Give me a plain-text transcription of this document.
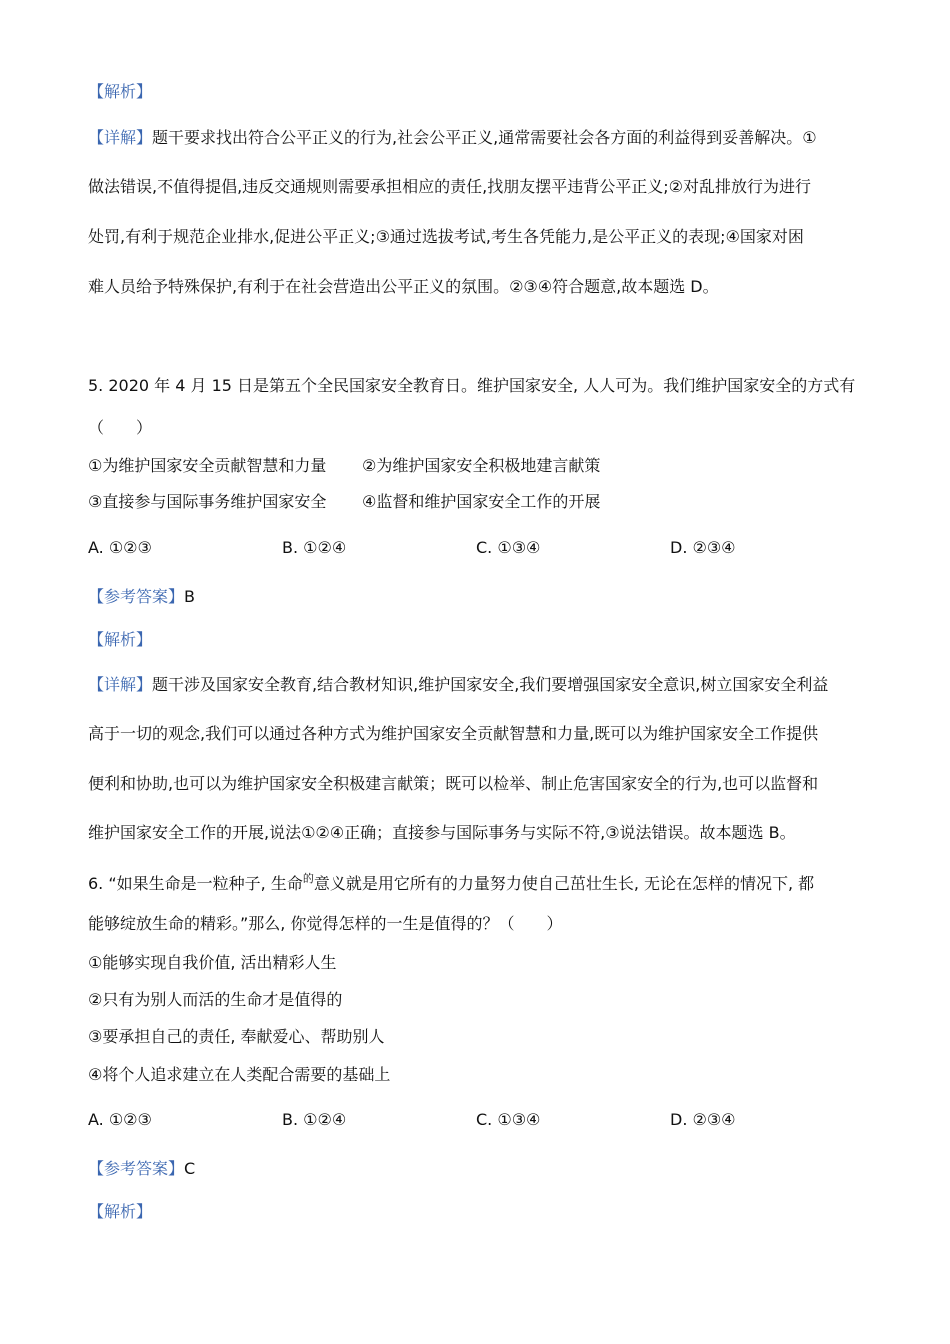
【解析】
【详解】题干要求找出符合公平正义的行为,社会公平正义,通常需要社会各方面的利益得到妥善解决。①
做法错误,不值得提倡,违反交通规则需要承担相应的责任,找朋友摆平违背公平正义;②对乱排放行为进行
处罚,有利于规范企业排水,促进公平正义;③通过选拔考试,考生各凭能力,是公平正义的表现;④国家对困
难人员给予特殊保护,有利于在社会营造出公平正义的氛围。②③④符合题意,故本题选 D。
5. 2020 年 4 月 15 日是第五个全民国家安全教育日。维护国家安全, 人人可为。我们维护国家安全的方式有
（　　）
①为维护国家安全贡献智慧和力量 ②为维护国家安全积极地建言献策
③直接参与国际事务维护国家安全 ④监督和维护国家安全工作的开展
A. ①②③	B. ①②④	C. ①③④	D. ②③④
【参考答案】B
【解析】
【详解】题干涉及国家安全教育,结合教材知识,维护国家安全,我们要增强国家安全意识,树立国家安全利益
高于一切的观念,我们可以通过各种方式为维护国家安全贡献智慧和力量,既可以为维护国家安全工作提供
便利和协助,也可以为维护国家安全积极建言献策；既可以检举、制止危害国家安全的行为,也可以监督和
维护国家安全工作的开展,说法①②④正确；直接参与国际事务与实际不符,③说法错误。故本题选 B。
6. “如果生命是一粒种子, 生命$^的$意义就是用它所有的力量努力使自己茁壮生长, 无论在怎样的情况下, 都
能够绽放生命的精彩。”那么, 你觉得怎样的一生是值得的？（　　）
①能够实现自我价值, 活出精彩人生
②只有为别人而活的生命才是值得的
③要承担自己的责任, 奉献爱心、帮助别人
④将个人追求建立在人类配合需要的基础上
A. ①②③	B. ①②④	C. ①③④	D. ②③④
【参考答案】C
【解析】
